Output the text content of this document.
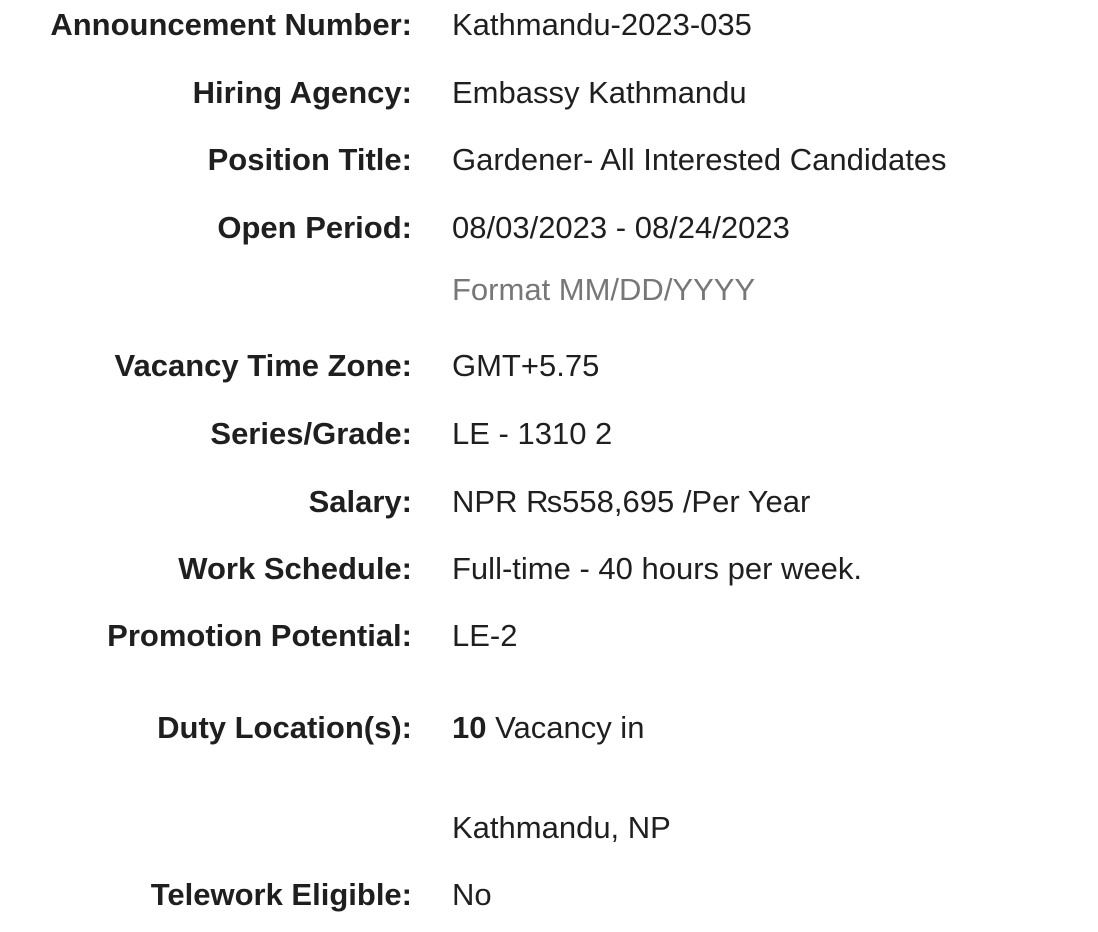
Announcement Number: Kathmandu-2023-035
Hiring Agency: Embassy Kathmandu
Position Title: Gardener- All Interested Candidates
Open Period: 08/03/2023 - 08/24/2023
Format MM/DD/YYYY
Vacancy Time Zone: GMT+5.75
Series/Grade: LE - 1310 2
Salary: NPR ₨558,695 /Per Year
Work Schedule: Full-time - 40 hours per week.
Promotion Potential: LE-2
Duty Location(s): 10 Vacancy in
Kathmandu, NP
Telework Eligible: No
